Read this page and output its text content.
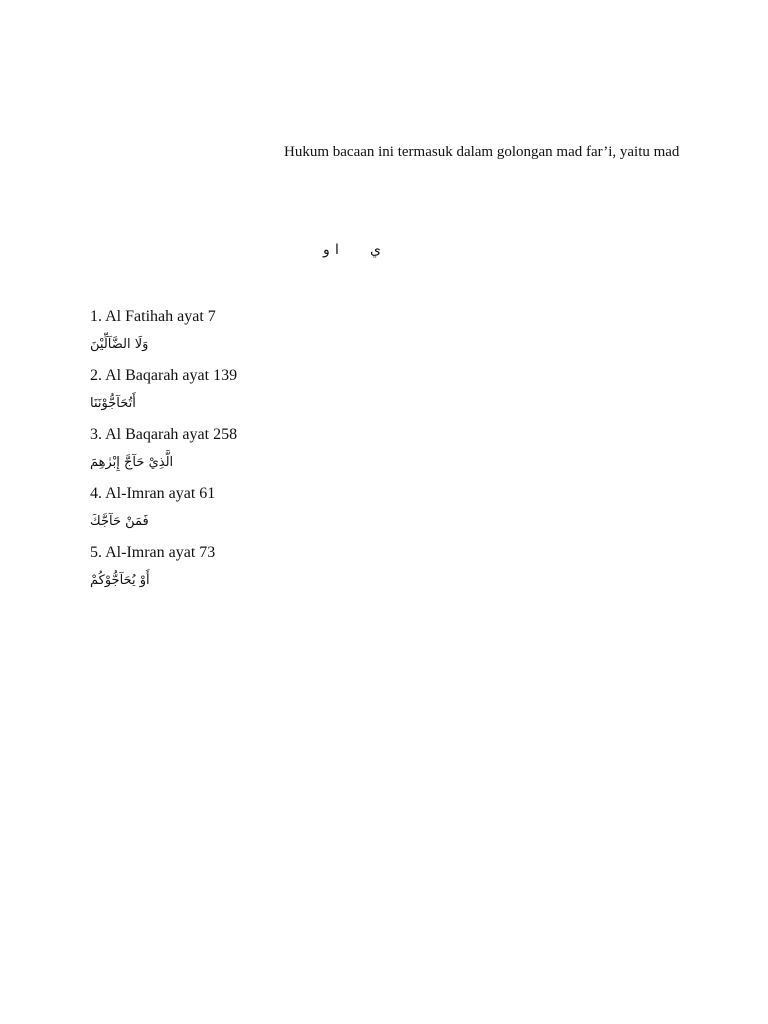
Hukum bacaan ini termasuk dalam golongan mad far’i, yaitu mad
و ا ي
1. Al Fatihah ayat 7
وَلَا الضَّآلِّيْنَ
2. Al Baqarah ayat 139
أَتُحَآجُّوْنَنَا
3. Al Baqarah ayat 258
الَّذِيْ حَآجَّ إِبْرٰهِمَ
4. Al-Imran ayat 61
فَمَنْ حَآجَّكَ
5. Al-Imran ayat 73
أَوْ يُحَآجُّوْكُمْ
